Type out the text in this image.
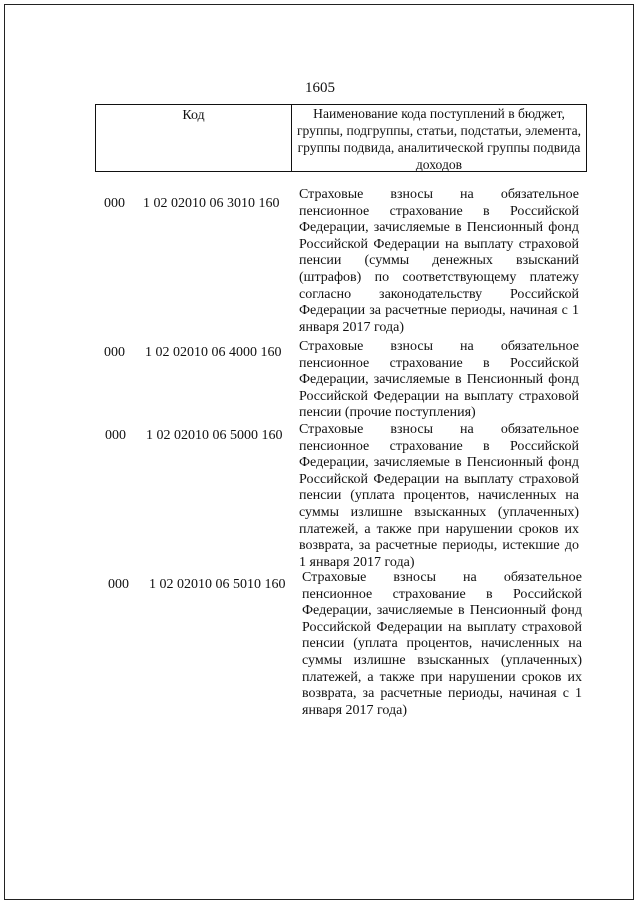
1605
Код	Наименование кода поступлений в бюджет, группы, подгруппы, статьи, подстатьи, элемента, группы подвида, аналитической группы подвида доходов
000 1 02 02010 06 3010 160

Страховые взносы на обязательное пенсионное страхование в Российской Федерации, зачисляемые в Пенсионный фонд Российской Федерации на выплату страховой пенсии (суммы денежных взысканий (штрафов) по соответствующему платежу согласно законодательству Российской Федерации за расчетные периоды, начиная с 1 января 2017 года)

000 1 02 02010 06 4000 160 Страховые взносы на обязательное пенсионное страхование в Российской Федерации, зачисляемые в Пенсионный фонд Российской Федерации на выплату страховой пенсии (прочие поступления)

000 1 02 02010 06 5000 160 Страховые взносы на обязательное пенсионное страхование в Российской Федерации, зачисляемые в Пенсионный фонд Российской Федерации на выплату страховой пенсии (уплата процентов, начисленных на суммы излишне взысканных (уплаченных) платежей, а также при нарушении сроков их возврата, за расчетные периоды, истекшие до 1 января 2017 года)

000 1 02 02010 06 5010 160 Страховые взносы на обязательное пенсионное страхование в Российской Федерации, зачисляемые в Пенсионный фонд Российской Федерации на выплату страховой пенсии (уплата процентов, начисленных на суммы излишне взысканных (уплаченных) платежей, а также при нарушении сроков их возврата, за расчетные периоды, начиная с 1 января 2017 года)
